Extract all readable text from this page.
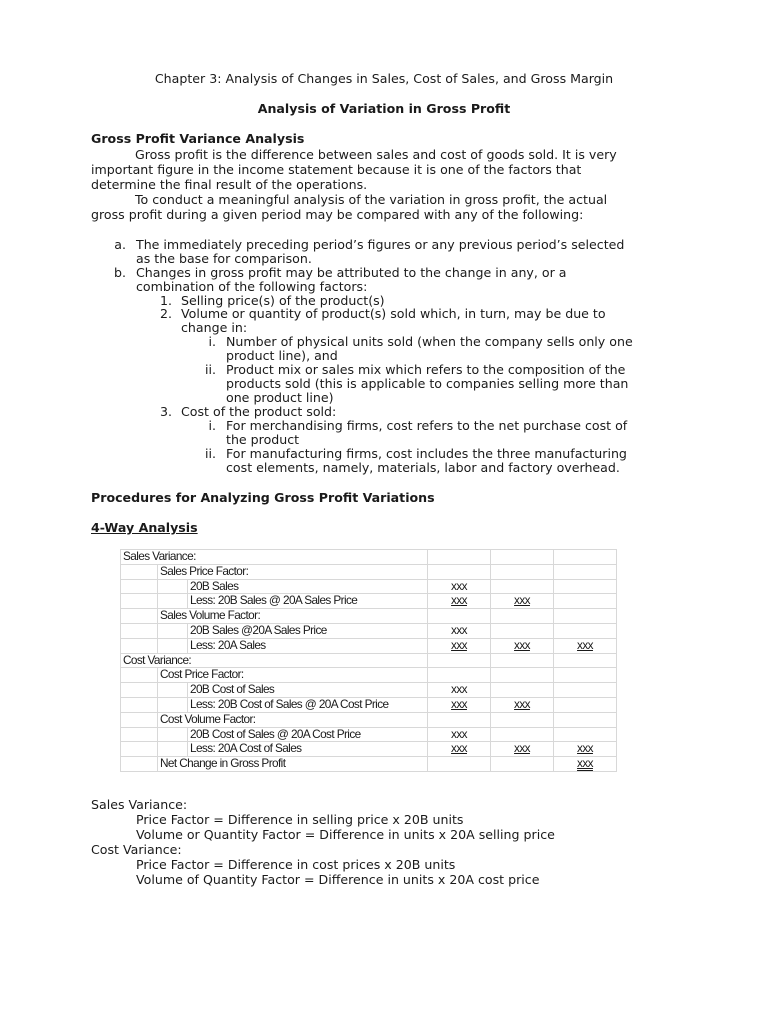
Chapter 3: Analysis of Changes in Sales, Cost of Sales, and Gross Margin
Analysis of Variation in Gross Profit
Gross Profit Variance Analysis
Gross profit is the difference between sales and cost of goods sold. It is very
important figure in the income statement because it is one of the factors that
determine the final result of the operations.
To conduct a meaningful analysis of the variation in gross profit, the actual
gross profit during a given period may be compared with any of the following:
a. The immediately preceding period’s figures or any previous period’s selected
as the base for comparison.
b. Changes in gross profit may be attributed to the change in any, or a
combination of the following factors:
1. Selling price(s) of the product(s)
2. Volume or quantity of product(s) sold which, in turn, may be due to
change in:
i. Number of physical units sold (when the company sells only one
product line), and
ii. Product mix or sales mix which refers to the composition of the
products sold (this is applicable to companies selling more than
one product line)
3. Cost of the product sold:
i. For merchandising firms, cost refers to the net purchase cost of
the product
ii. For manufacturing firms, cost includes the three manufacturing
cost elements, namely, materials, labor and factory overhead.
Procedures for Analyzing Gross Profit Variations
4-Way Analysis
Sales Variance:					
	Sales Price Factor:				
		20B Sales	xxx		
		Less: 20B Sales @ 20A Sales Price	xxx	xxx	
	Sales Volume Factor:				
		20B Sales @20A Sales Price	xxx		
		Less: 20A Sales	xxx	xxx	xxx
Cost Variance:					
	Cost Price Factor:				
		20B Cost of Sales	xxx		
		Less: 20B Cost of Sales @ 20A Cost Price	xxx	xxx	
	Cost Volume Factor:				
		20B Cost of Sales @ 20A Cost Price	xxx		
		Less: 20A Cost of Sales	xxx	xxx	xxx
	Net Change in Gross Profit				xxx
Sales Variance:
Price Factor = Difference in selling price x 20B units
Volume or Quantity Factor = Difference in units x 20A selling price
Cost Variance:
Price Factor = Difference in cost prices x 20B units
Volume of Quantity Factor = Difference in units x 20A cost price
